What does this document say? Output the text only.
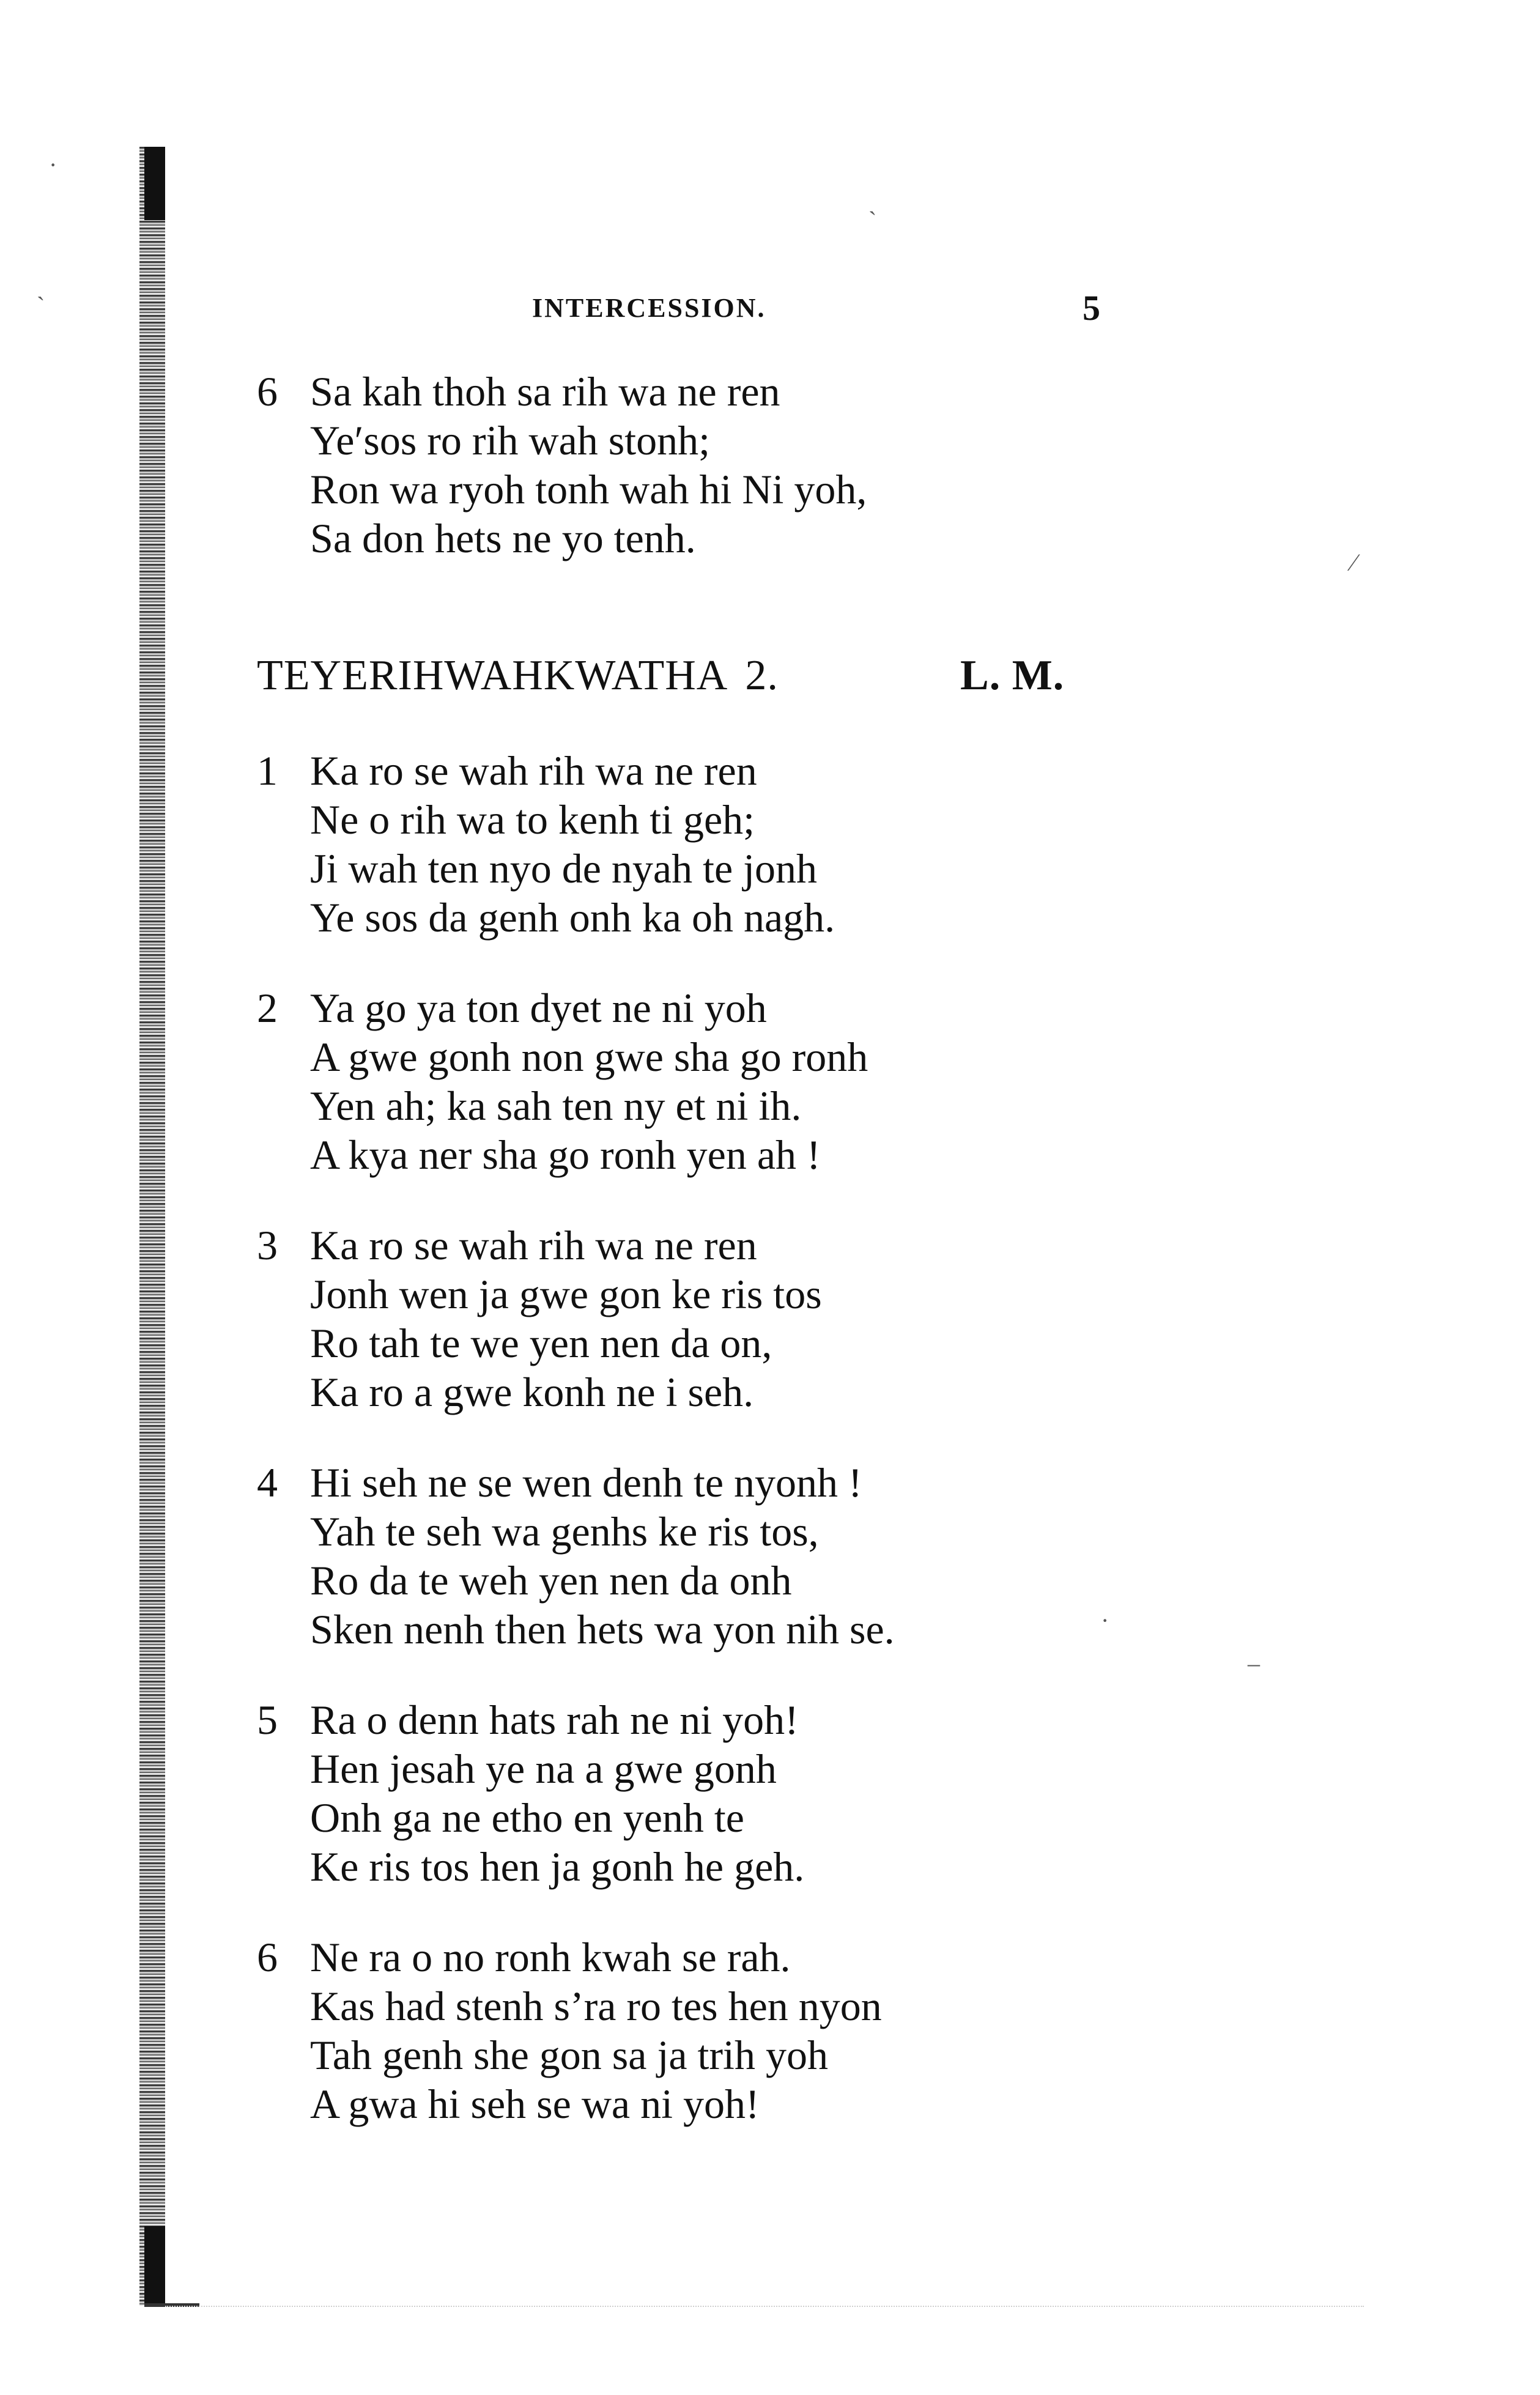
·
ˋ
ˏ
⁄
‒
·
INTERCESSION.	5
6 Sa kah thoh sa rih wa ne ren
Ye′sos ro rih wah stonh;
Ron wa ryoh tonh wah hi Ni yoh,
Sa don hets ne yo tenh.
TEYERIHWAHKWATHA 2.	L. M.
1 Ka ro se wah rih wa ne ren
Ne o rih wa to kenh ti geh;
Ji wah ten nyo de nyah te jonh
Ye sos da genh onh ka oh nagh.
2 Ya go ya ton dyet ne ni yoh
A gwe gonh non gwe sha go ronh
Yen ah; ka sah ten ny et ni ih.
A kya ner sha go ronh yen ah !
3 Ka ro se wah rih wa ne ren
Jonh wen ja gwe gon ke ris tos
Ro tah te we yen nen da on,
Ka ro a gwe konh ne i seh.
4 Hi seh ne se wen denh te nyonh !
Yah te seh wa genhs ke ris tos,
Ro da te weh yen nen da onh
Sken nenh then hets wa yon nih se.
5 Ra o denn hats rah ne ni yoh!
Hen jesah ye na a gwe gonh
Onh ga ne etho en yenh te
Ke ris tos hen ja gonh he geh.
6 Ne ra o no ronh kwah se rah.
Kas had stenh s’ra ro tes hen nyon
Tah genh she gon sa ja trih yoh
A gwa hi seh se wa ni yoh!
